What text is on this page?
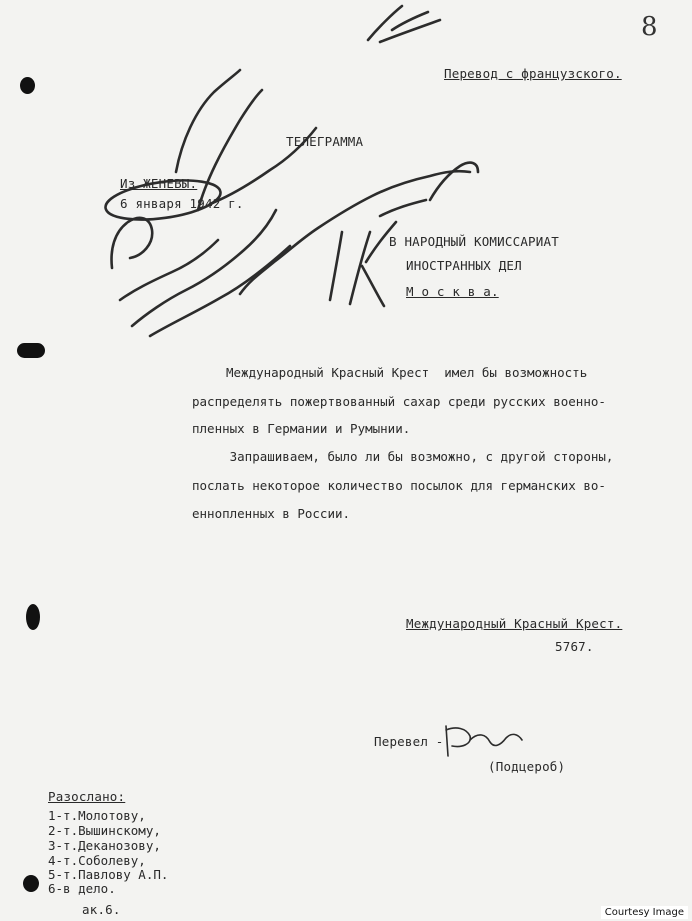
8
Перевод с французского.
ТЕЛЕГРАММА
Из ЖЕНЕВЫ.
6 января 1942 г.
В НАРОДНЫЙ КОМИССАРИАТ
ИНОСТРАННЫХ ДЕЛ
М о с к в а.
Международный Красный Крест  имел бы возможность
распределять пожертвованный сахар среди русских военно-
пленных в Германии и Румынии.
Запрашиваем, было ли бы возможно, с другой стороны,
послать некоторое количество посылок для германских во-
еннопленных в России.
Международный Красный Крест.
5767.
Перевел -
(Подцероб)
Разослано:
1-т.Молотову,
2-т.Вышинскому,
3-т.Деканозову,
4-т.Соболеву,
5-т.Павлову А.П.
6-в дело.
ак.6.	Courtesy Image
